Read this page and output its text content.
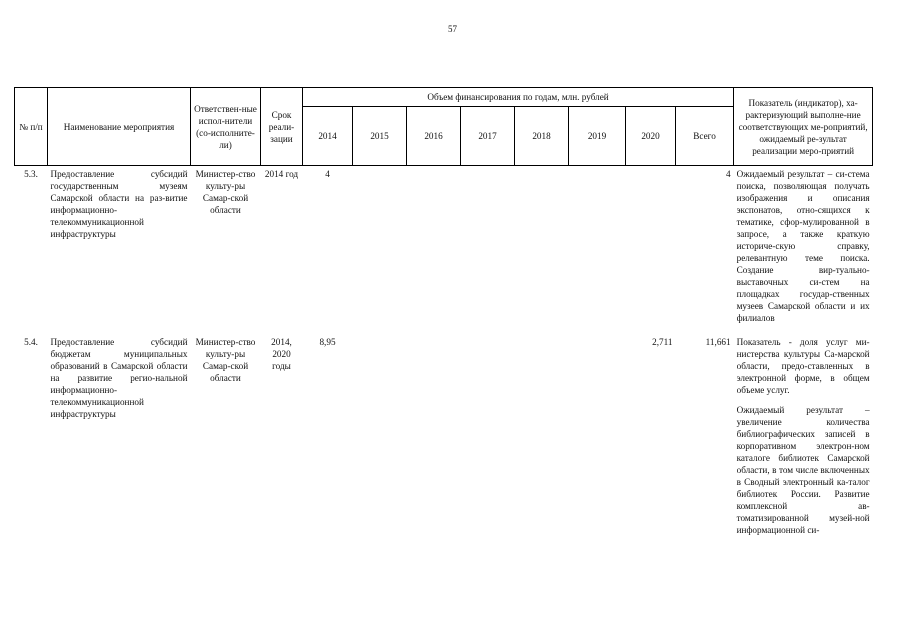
57
№ п/п	Наименование мероприятия	Ответствен-ные испол-нители (со-исполните-ли)	Срок реали-зации	Объем финансирования по годам, млн. рублей								Показатель (индикатор), ха-рактеризующий выполне-ние соответствующих ме-роприятий, ожидаемый ре-зультат реализации меро-приятий
				2014	2015	2016	2017	2018	2019	2020	Всего	
5.3.	Предоставление субсидий государственным музеям Самарской области на раз-витие информационно-телекоммуникационной инфраструктуры	Министер-ство культу-ры Самар-ской области	2014 год	4							4	Ожидаемый результат – си-стема поиска, позволяющая получать изображения и описания экспонатов, отно-сящихся к тематике, сфор-мулированной в запросе, а также краткую историче-скую справку, релевантную теме поиска. Создание вир-туально-выставочных си-стем на площадках государ-ственных музеев Самарской области и их филиалов

5.4.	Предоставление субсидий бюджетам муниципальных образований в Самарской области на развитие регио-нальной информационно-телекоммуникационной инфраструктуры	Министер-ство культу-ры Самар-ской области	2014, 2020 годы	8,95						2,711	11,661	Показатель - доля услуг ми-нистерства культуры Са-марской области, предо-ставленных в электронной форме, в общем объеме услуг.
Ожидаемый результат – увеличение количества библиографических записей в корпоративном электрон-ном каталоге библиотек Самарской области, в том числе включенных в Сводный электронный ка-талог библиотек России. Развитие комплексной ав-томатизированной музей-ной информационной си-
